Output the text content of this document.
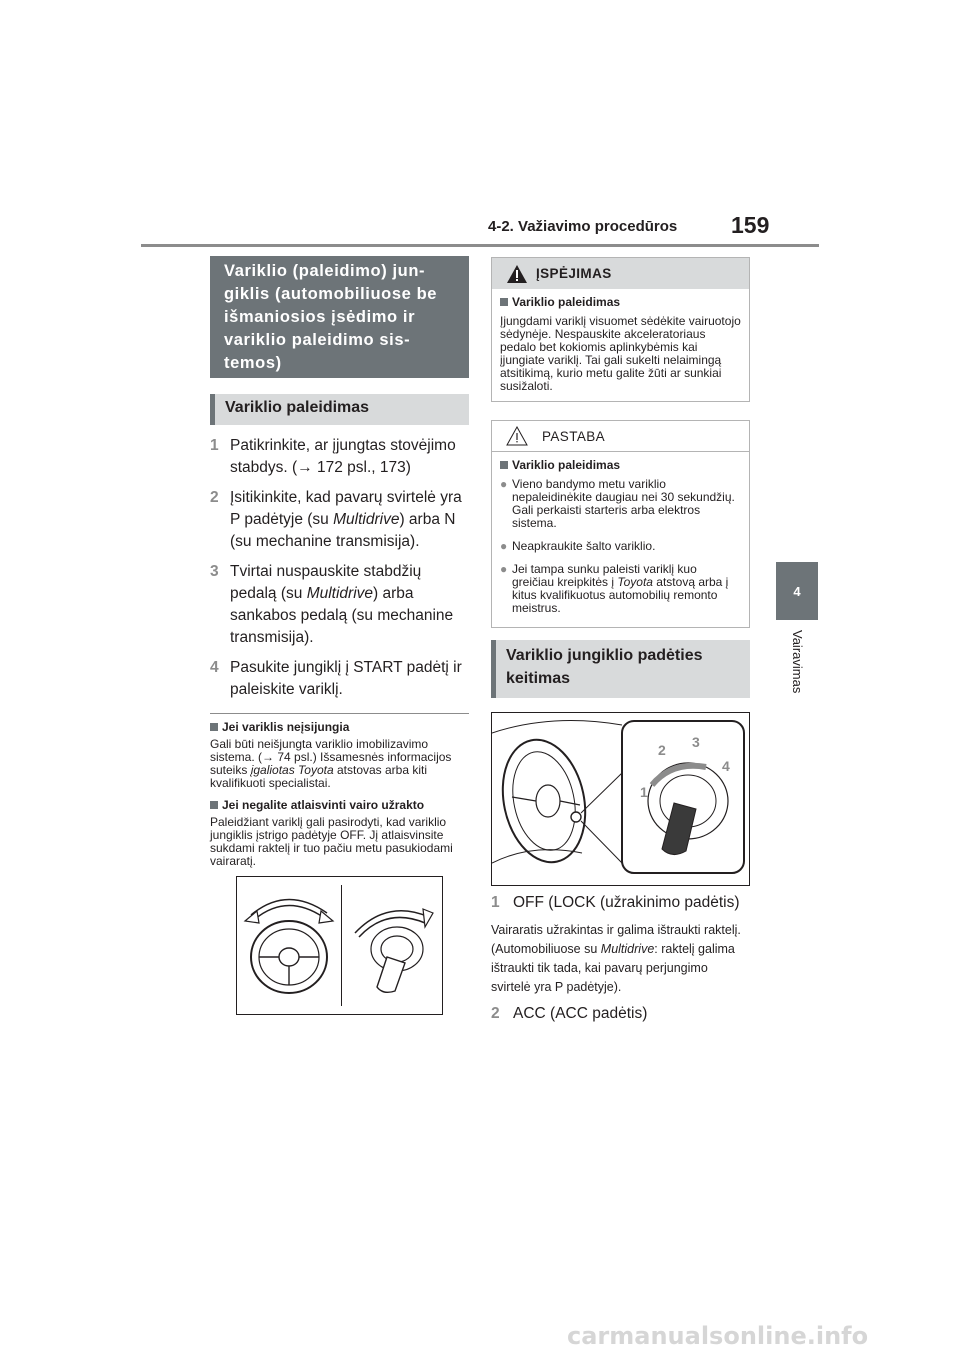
4-2. Važiavimo procedūros 159
4
Vairavimas
Variklio (paleidimo) jun-giklis (automobiliuose be išmaniosios įsėdimo ir variklio paleidimo sis-temos)
Variklio paleidimas
1 Patikrinkite, ar įjungtas stovėjimo stabdys. (→ 172 psl., 173)
2 Įsitikinkite, kad pavarų svirtelė yra P padėtyje (su Multidrive) arba N (su mechanine transmisija).
3 Tvirtai nuspauskite stabdžių pedalą (su Multidrive) arba sankabos pedalą (su mechanine transmisija).
4 Pasukite jungiklį į START padėtį ir paleiskite variklį.
Jei variklis neįsijungia
Gali būti neišjungta variklio imobilizavimo sistema. (→ 74 psl.) Išsamesnės informacijos suteiks įgaliotas Toyota atstovas arba kiti kvalifikuoti specialistai.
Jei negalite atlaisvinti vairo užrakto
Paleidžiant variklį gali pasirodyti, kad variklio jungiklis įstrigo padėtyje OFF. Jį atlaisvinsite sukdami raktelį ir tuo pačiu metu pasukiodami vairaratį.
ĮSPĖJIMAS
Variklio paleidimas
Įjungdami variklį visuomet sėdėkite vairuotojo sėdynėje. Nespauskite akceleratoriaus pedalo bet kokiomis aplinkybėmis kai įjungiate variklį. Tai gali sukelti nelaimingą atsitikimą, kurio metu galite žūti ar sunkiai susižaloti.
PASTABA
Variklio paleidimas
● Vieno bandymo metu variklio nepaleidinėkite daugiau nei 30 sekundžių. Gali perkaisti starteris arba elektros sistema.
● Neapkraukite šalto variklio.
● Jei tampa sunku paleisti variklį kuo greičiau kreipkitės į Toyota atstovą arba į kitus kvalifikuotus automobilių remonto meistrus.
Variklio jungiklio padėties keitimas
1
2 3
4
1 OFF (LOCK (užrakinimo padėtis)
Vairaratis užrakintas ir galima ištraukti raktelį. (Automobiliuose su Multidrive: raktelį galima ištraukti tik tada, kai pavarų perjungimo svirtelė yra P padėtyje).
2 ACC (ACC padėtis)
carmanualsonline.info
